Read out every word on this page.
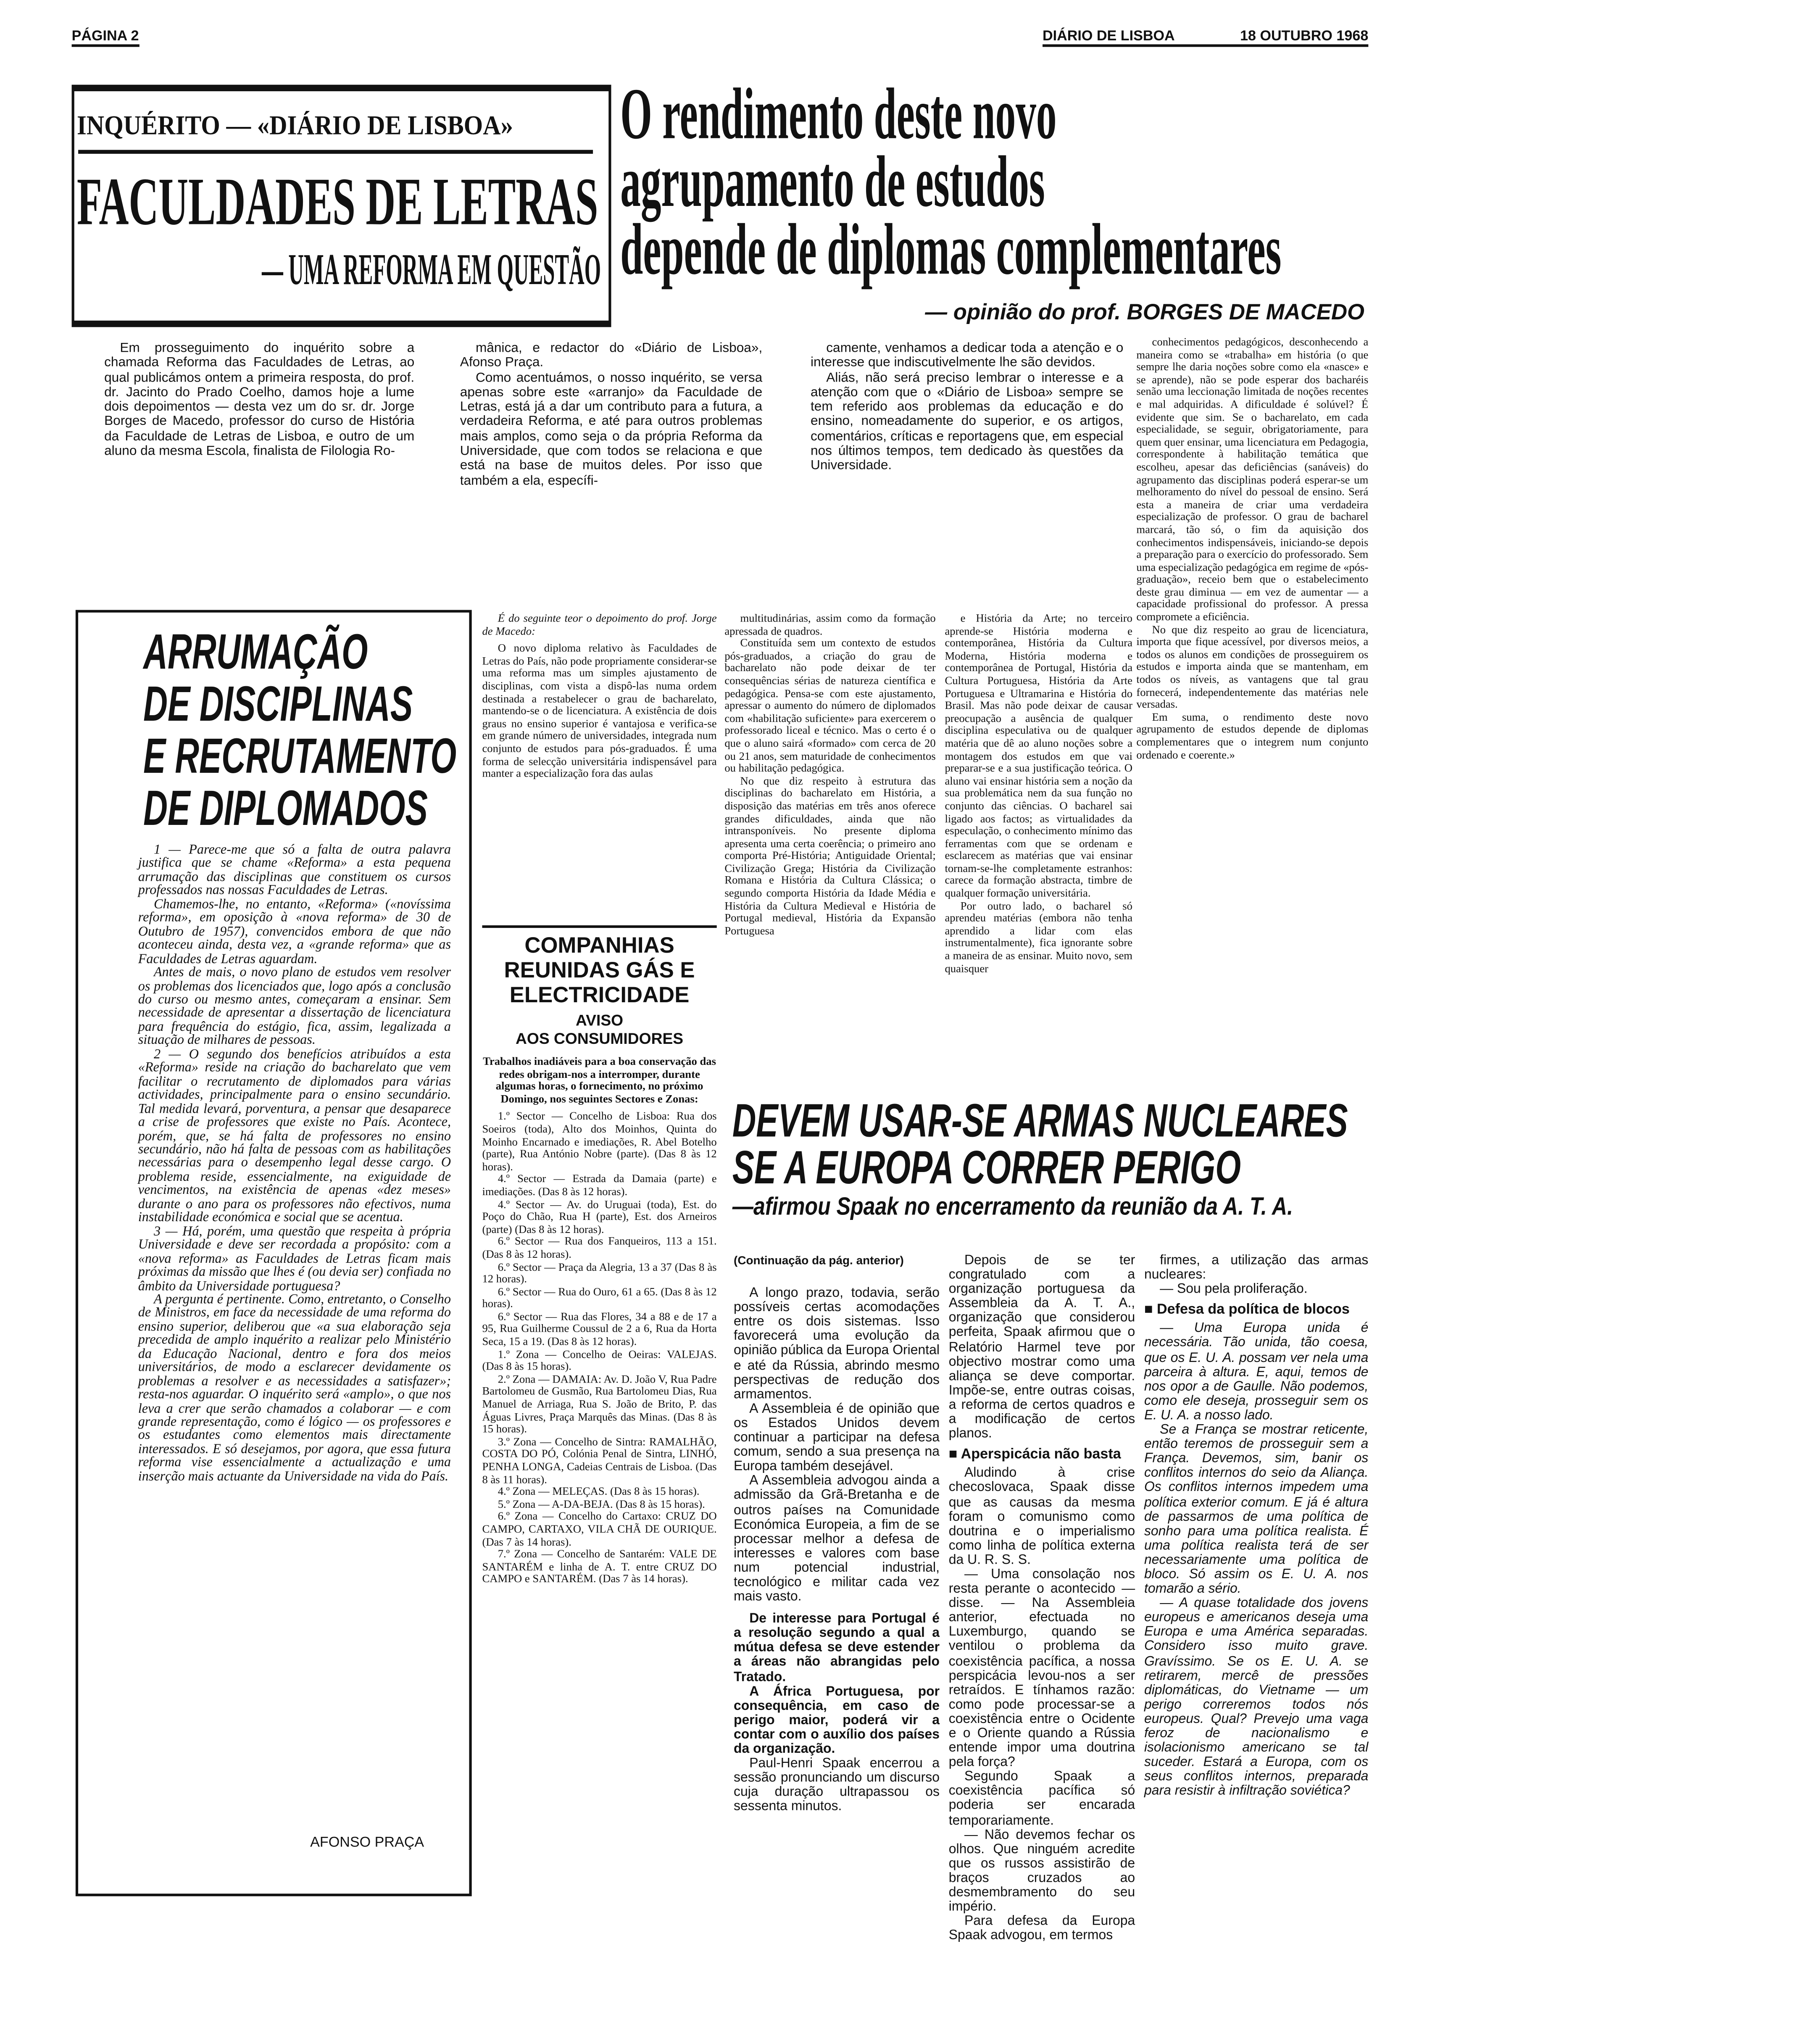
PÁGINA 2	DIÁRIO DE LISBOA	18 OUTUBRO 1968
INQUÉRITO — «DIÁRIO DE LISBOA»
FACULDADES DE LETRAS
— UMA REFORMA EM QUESTÃO
O rendimento deste novo
agrupamento de estudos
depende de diplomas complementares
— opinião do prof. BORGES DE MACEDO

Em prosseguimento do inquérito sobre a chamada Reforma das Faculdades de Letras, ao qual publicámos ontem a primeira resposta, do prof. dr. Jacinto do Prado Coelho, damos hoje a lume dois depoimentos — desta vez um do sr. dr. Jorge Borges de Macedo, professor do curso de História da Faculdade de Letras de Lisboa, e outro de um aluno da mesma Escola, finalista de Filologia Ro-

mânica, e redactor do «Diário de Lisboa», Afonso Praça.

Como acentuámos, o nosso inquérito, se versa apenas sobre este «arranjo» da Faculdade de Letras, está já a dar um contributo para a futura, a verdadeira Reforma, e até para outros problemas mais amplos, como seja o da própria Reforma da Universidade, que com todos se relaciona e que está na base de muitos deles. Por isso que também a ela, específi-

camente, venhamos a dedicar toda a atenção e o interesse que indiscutivelmente lhe são devidos.

Aliás, não será preciso lembrar o interesse e a atenção com que o «Diário de Lisboa» sempre se tem referido aos problemas da educação e do ensino, nomeadamente do superior, e os artigos, comentários, críticas e reportagens que, em especial nos últimos tempos, tem dedicado às questões da Universidade.

ARRUMAÇÃO
DE DISCIPLINAS
E RECRUTAMENTO
DE DIPLOMADOS

1 — Parece-me que só a falta de outra palavra justifica que se chame «Reforma» a esta pequena arrumação das disciplinas que constituem os cursos professados nas nossas Faculdades de Letras.

Chamemos-lhe, no entanto, «Reforma» («novíssima reforma», em oposição à «nova reforma» de 30 de Outubro de 1957), convencidos embora de que não aconteceu ainda, desta vez, a «grande reforma» que as Faculdades de Letras aguardam.

Antes de mais, o novo plano de estudos vem resolver os problemas dos licenciados que, logo após a conclusão do curso ou mesmo antes, começaram a ensinar. Sem necessidade de apresentar a dissertação de licenciatura para frequência do estágio, fica, assim, legalizada a situação de milhares de pessoas.

2 — O segundo dos benefícios atribuídos a esta «Reforma» reside na criação do bacharelato que vem facilitar o recrutamento de diplomados para várias actividades, principalmente para o ensino secundário. Tal medida levará, porventura, a pensar que desaparece a crise de professores que existe no País. Acontece, porém, que, se há falta de professores no ensino secundário, não há falta de pessoas com as habilitações necessárias para o desempenho legal desse cargo. O problema reside, essencialmente, na exiguidade de vencimentos, na existência de apenas «dez meses» durante o ano para os professores não efectivos, numa instabilidade económica e social que se acentua.

3 — Há, porém, uma questão que respeita à própria Universidade e deve ser recordada a propósito: com a «nova reforma» as Faculdades de Letras ficam mais próximas da missão que lhes é (ou devia ser) confiada no âmbito da Universidade portuguesa?

A pergunta é pertinente. Como, entretanto, o Conselho de Ministros, em face da necessidade de uma reforma do ensino superior, deliberou que «a sua elaboração seja precedida de amplo inquérito a realizar pelo Ministério da Educação Nacional, dentro e fora dos meios universitários, de modo a esclarecer devidamente os problemas a resolver e as necessidades a satisfazer»; resta-nos aguardar. O inquérito será «amplo», o que nos leva a crer que serão chamados a colaborar — e com grande representação, como é lógico — os professores e os estudantes como elementos mais directamente interessados. E só desejamos, por agora, que essa futura reforma vise essencialmente a actualização e uma inserção mais actuante da Universidade na vida do País.

AFONSO PRAÇA
É do seguinte teor o depoimento do prof. Jorge de Macedo:

O novo diploma relativo às Faculdades de Letras do País, não pode propriamente considerar-se uma reforma mas um simples ajustamento de disciplinas, com vista a dispô-las numa ordem destinada a restabelecer o grau de bacharelato, mantendo-se o de licenciatura. A existência de dois graus no ensino superior é vantajosa e verifica-se em grande número de universidades, integrada num conjunto de estudos para pós-graduados. É uma forma de selecção universitária indispensável para manter a especialização fora das aulas

multitudinárias, assim como da formação apressada de quadros.

Constituída sem um contexto de estudos pós-graduados, a criação do grau de bacharelato não pode deixar de ter consequências sérias de natureza científica e pedagógica. Pensa-se com este ajustamento, apressar o aumento do número de diplomados com «habilitação suficiente» para exercerem o professorado liceal e técnico. Mas o certo é o que o aluno sairá «formado» com cerca de 20 ou 21 anos, sem maturidade de conhecimentos ou habilitação pedagógica.

No que diz respeito à estrutura das disciplinas do bacharelato em História, a disposição das matérias em três anos oferece grandes dificuldades, ainda que não intransponíveis. No presente diploma apresenta uma certa coerência; o primeiro ano comporta Pré-História; Antiguidade Oriental; Civilização Grega; História da Civilização Romana e História da Cultura Clássica; o segundo comporta História da Idade Média e História da Cultura Medieval e História de Portugal medieval, História da Expansão Portuguesa

e História da Arte; no terceiro aprende-se História moderna e contemporânea, História da Cultura Moderna, História moderna e contemporânea de Portugal, História da Cultura Portuguesa, História da Arte Portuguesa e Ultramarina e História do Brasil. Mas não pode deixar de causar preocupação a ausência de qualquer disciplina especulativa ou de qualquer matéria que dê ao aluno noções sobre a montagem dos estudos em que vai preparar-se e a sua justificação teórica. O aluno vai ensinar história sem a noção da sua problemática nem da sua função no conjunto das ciências. O bacharel sai ligado aos factos; as virtualidades da especulação, o conhecimento mínimo das ferramentas com que se ordenam e esclarecem as matérias que vai ensinar tornam-se-lhe completamente estranhos: carece da formação abstracta, timbre de qualquer formação universitária.

Por outro lado, o bacharel só aprendeu matérias (embora não tenha aprendido a lidar com elas instrumentalmente), fica ignorante sobre a maneira de as ensinar. Muito novo, sem quaisquer

conhecimentos pedagógicos, desconhecendo a maneira como se «trabalha» em história (o que sempre lhe daria noções sobre como ela «nasce» e se aprende), não se pode esperar dos bacharéis senão uma leccionação limitada de noções recentes e mal adquiridas. A dificuldade é solúvel? É evidente que sim. Se o bacharelato, em cada especialidade, se seguir, obrigatoriamente, para quem quer ensinar, uma licenciatura em Pedagogia, correspondente à habilitação temática que escolheu, apesar das deficiências (sanáveis) do agrupamento das disciplinas poderá esperar-se um melhoramento do nível do pessoal de ensino. Será esta a maneira de criar uma verdadeira especialização de professor. O grau de bacharel marcará, tão só, o fim da aquisição dos conhecimentos indispensáveis, iniciando-se depois a preparação para o exercício do professorado. Sem uma especialização pedagógica em regime de «pós-graduação», receio bem que o estabelecimento deste grau diminua — em vez de aumentar — a capacidade profissional do professor. A pressa compromete a eficiência.

No que diz respeito ao grau de licenciatura, importa que fique acessível, por diversos meios, a todos os alunos em condições de prosseguirem os estudos e importa ainda que se mantenham, em todos os níveis, as vantagens que tal grau fornecerá, independentemente das matérias nele versadas.

Em suma, o rendimento deste novo agrupamento de estudos depende de diplomas complementares que o integrem num conjunto ordenado e coerente.»

COMPANHIAS REUNIDAS GÁS E ELECTRICIDADE
AVISO
AOS CONSUMIDORES
Trabalhos inadiáveis para a boa conservação das redes obrigam-nos a interromper, durante algumas horas, o fornecimento, no próximo Domingo, nos seguintes Sectores e Zonas:

1.º Sector — Concelho de Lisboa: Rua dos Soeiros (toda), Alto dos Moinhos, Quinta do Moinho Encarnado e imediações, R. Abel Botelho (parte), Rua António Nobre (parte). (Das 8 às 12 horas).

4.º Sector — Estrada da Damaia (parte) e imediações. (Das 8 às 12 horas).

4.º Sector — Av. do Uruguai (toda), Est. do Poço do Chão, Rua H (parte), Est. dos Arneiros (parte) (Das 8 às 12 horas).

6.º Sector — Rua dos Fanqueiros, 113 a 151. (Das 8 às 12 horas).

6.º Sector — Praça da Alegria, 13 a 37 (Das 8 às 12 horas).

6.º Sector — Rua do Ouro, 61 a 65. (Das 8 às 12 horas).

6.º Sector — Rua das Flores, 34 a 88 e de 17 a 95, Rua Guilherme Coussul de 2 a 6, Rua da Horta Seca, 15 a 19. (Das 8 às 12 horas).

1.º Zona — Concelho de Oeiras: VALEJAS. (Das 8 às 15 horas).

2.º Zona — DAMAIA: Av. D. João V, Rua Padre Bartolomeu de Gusmão, Rua Bartolomeu Dias, Rua Manuel de Arriaga, Rua S. João de Brito, P. das Águas Livres, Praça Marquês das Minas. (Das 8 às 15 horas).

3.º Zona — Concelho de Sintra: RAMALHÃO, COSTA DO PÓ, Colónia Penal de Sintra, LINHÓ, PENHA LONGA, Cadeias Centrais de Lisboa. (Das 8 às 11 horas).

4.º Zona — MELEÇAS. (Das 8 às 15 horas).

5.º Zona — A-DA-BEJA. (Das 8 às 15 horas).

6.º Zona — Concelho do Cartaxo: CRUZ DO CAMPO, CARTAXO, VILA CHÃ DE OURIQUE. (Das 7 às 14 horas).

7.º Zona — Concelho de Santarém: VALE DE SANTARÉM e linha de A. T. entre CRUZ DO CAMPO e SANTARÉM. (Das 7 às 14 horas).

DEVEM USAR-SE ARMAS NUCLEARES
SE A EUROPA CORRER PERIGO
—afirmou Spaak no encerramento da reunião da A. T. A.
(Continuação da pág. anterior)

A longo prazo, todavia, serão possíveis certas acomodações entre os dois sistemas. Isso favorecerá uma evolução da opinião pública da Europa Oriental e até da Rússia, abrindo mesmo perspectivas de redução dos armamentos.

A Assembleia é de opinião que os Estados Unidos devem continuar a participar na defesa comum, sendo a sua presença na Europa também desejável.

A Assembleia advogou ainda a admissão da Grã-Bretanha e de outros países na Comunidade Económica Europeia, a fim de se processar melhor a defesa de interesses e valores com base num potencial industrial, tecnológico e militar cada vez mais vasto.

De interesse para Portugal é a resolução segundo a qual a mútua defesa se deve estender a áreas não abrangidas pelo Tratado.

A África Portuguesa, por consequência, em caso de perigo maior, poderá vir a contar com o auxílio dos países da organização.

Paul-Henri Spaak encerrou a sessão pronunciando um discurso cuja duração ultrapassou os sessenta minutos.

Depois de se ter congratulado com a organização portuguesa da Assembleia da A. T. A., organização que considerou perfeita, Spaak afirmou que o Relatório Harmel teve por objectivo mostrar como uma aliança se deve comportar. Impõe-se, entre outras coisas, a reforma de certos quadros e a modificação de certos planos.

■ Aperspicácia não basta

Aludindo à crise checoslovaca, Spaak disse que as causas da mesma foram o comunismo como doutrina e o imperialismo como linha de política externa da U. R. S. S.

— Uma consolação nos resta perante o acontecido — disse. — Na Assembleia anterior, efectuada no Luxemburgo, quando se ventilou o problema da coexistência pacífica, a nossa perspicácia levou-nos a ser retraídos. E tínhamos razão: como pode processar-se a coexistência entre o Ocidente e o Oriente quando a Rússia entende impor uma doutrina pela força?

Segundo Spaak a coexistência pacífica só poderia ser encarada temporariamente.

— Não devemos fechar os olhos. Que ninguém acredite que os russos assistirão de braços cruzados ao desmembramento do seu império.

Para defesa da Europa Spaak advogou, em termos

firmes, a utilização das armas nucleares:

— Sou pela proliferação.

■ Defesa da política de blocos

— Uma Europa unida é necessária. Tão unida, tão coesa, que os E. U. A. possam ver nela uma parceira à altura. E, aqui, temos de nos opor a de Gaulle. Não podemos, como ele deseja, prosseguir sem os E. U. A. a nosso lado.

Se a França se mostrar reticente, então teremos de prosseguir sem a França. Devemos, sim, banir os conflitos internos do seio da Aliança. Os conflitos internos impedem uma política exterior comum. E já é altura de passarmos de uma política de sonho para uma política realista. É uma política realista terá de ser necessariamente uma política de bloco. Só assim os E. U. A. nos tomarão a sério.

— A quase totalidade dos jovens europeus e americanos deseja uma Europa e uma América separadas. Considero isso muito grave. Gravíssimo. Se os E. U. A. se retirarem, mercê de pressões diplomáticas, do Vietname — um perigo correremos todos nós europeus. Qual? Prevejo uma vaga feroz de nacionalismo e isolacionismo americano se tal suceder. Estará a Europa, com os seus conflitos internos, preparada para resistir à infiltração soviética?
